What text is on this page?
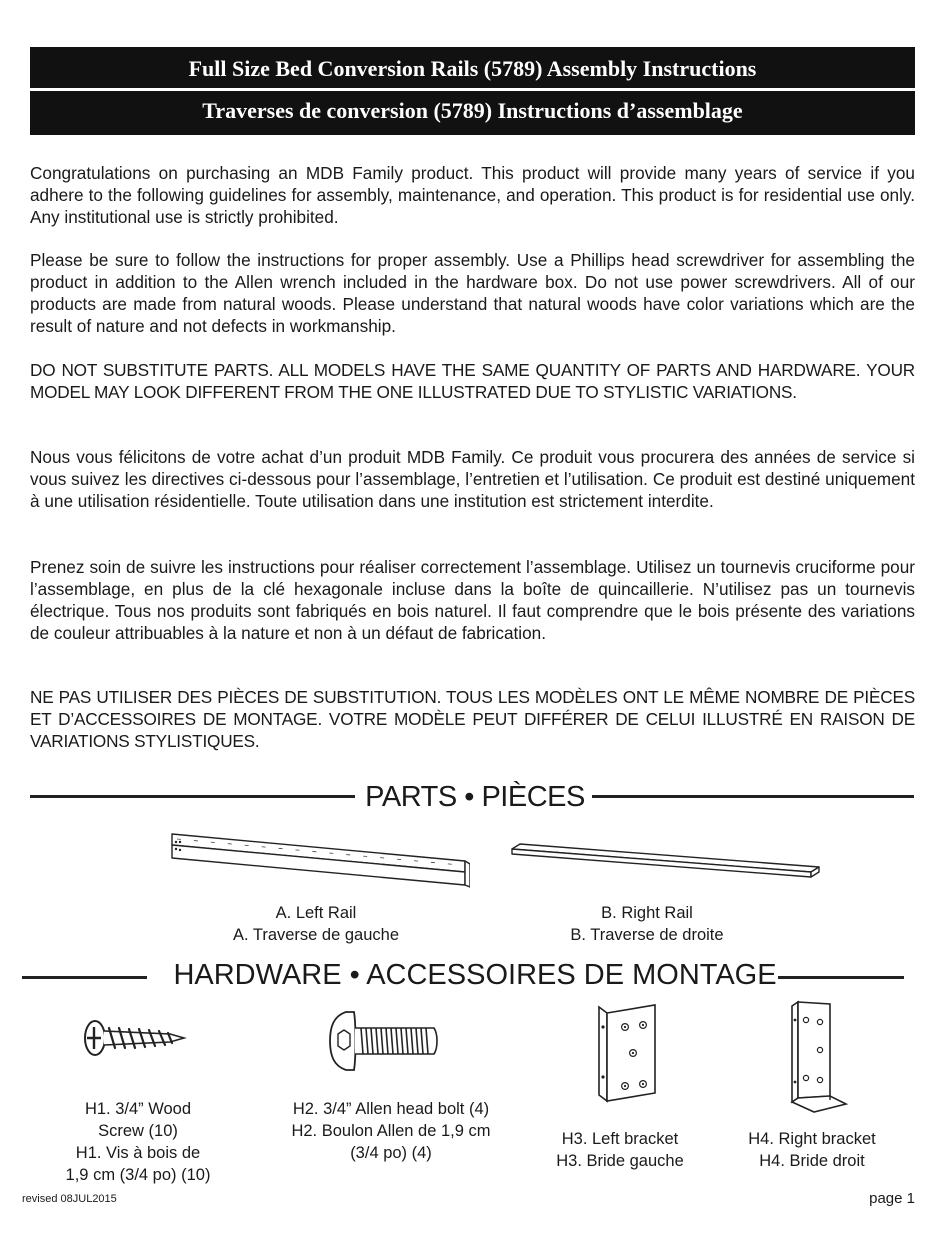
Full Size Bed Conversion Rails (5789) Assembly Instructions
Traverses de conversion (5789) Instructions d’assemblage

Congratulations on purchasing an MDB Family product. This product will provide many years of service if you adhere to the following guidelines for assembly, maintenance, and operation. This product is for residential use only. Any institutional use is strictly prohibited.

Please be sure to follow the instructions for proper assembly. Use a Phillips head screwdriver for assembling the product in addition to the Allen wrench included in the hardware box. Do not use power screwdrivers. All of our products are made from natural woods. Please understand that natural woods have color variations which are the result of nature and not defects in workmanship.

DO NOT SUBSTITUTE PARTS. ALL MODELS HAVE THE SAME QUANTITY OF PARTS AND HARDWARE. YOUR MODEL MAY LOOK DIFFERENT FROM THE ONE ILLUSTRATED DUE TO STYLISTIC VARIATIONS.

Nous vous félicitons de votre achat d’un produit MDB Family. Ce produit vous procurera des années de service si vous suivez les directives ci-dessous pour l’assemblage, l’entretien et l’utilisation. Ce produit est destiné uniquement à une utilisation résidentielle. Toute utilisation dans une institution est strictement interdite.

Prenez soin de suivre les instructions pour réaliser correctement l’assemblage. Utilisez un tournevis cruciforme pour l’assemblage, en plus de la clé hexagonale incluse dans la boîte de quincaillerie. N’utilisez pas un tournevis électrique. Tous nos produits sont fabriqués en bois naturel. Il faut comprendre que le bois présente des variations de couleur attribuables à la nature et non à un défaut de fabrication.

NE PAS UTILISER DES PIÈCES DE SUBSTITUTION. TOUS LES MODÈLES ONT LE MÊME NOMBRE DE PIÈCES ET D’ACCESSOIRES DE MONTAGE. VOTRE MODÈLE PEUT DIFFÉRER DE CELUI ILLUSTRÉ EN RAISON DE VARIATIONS STYLISTIQUES.

PARTS • PIÈCES
A. Left Rail
A. Traverse de gauche
B. Right Rail
B. Traverse de droite
HARDWARE • ACCESSOIRES DE MONTAGE
H1. 3/4” Wood
Screw (10)
H1. Vis à bois de
1,9 cm (3/4 po) (10)
H2. 3/4” Allen head bolt (4)
H2. Boulon Allen de 1,9 cm
(3/4 po) (4)
H3. Left bracket
H3. Bride gauche
H4. Right bracket
H4. Bride droit
revised 08JUL2015	page 1
